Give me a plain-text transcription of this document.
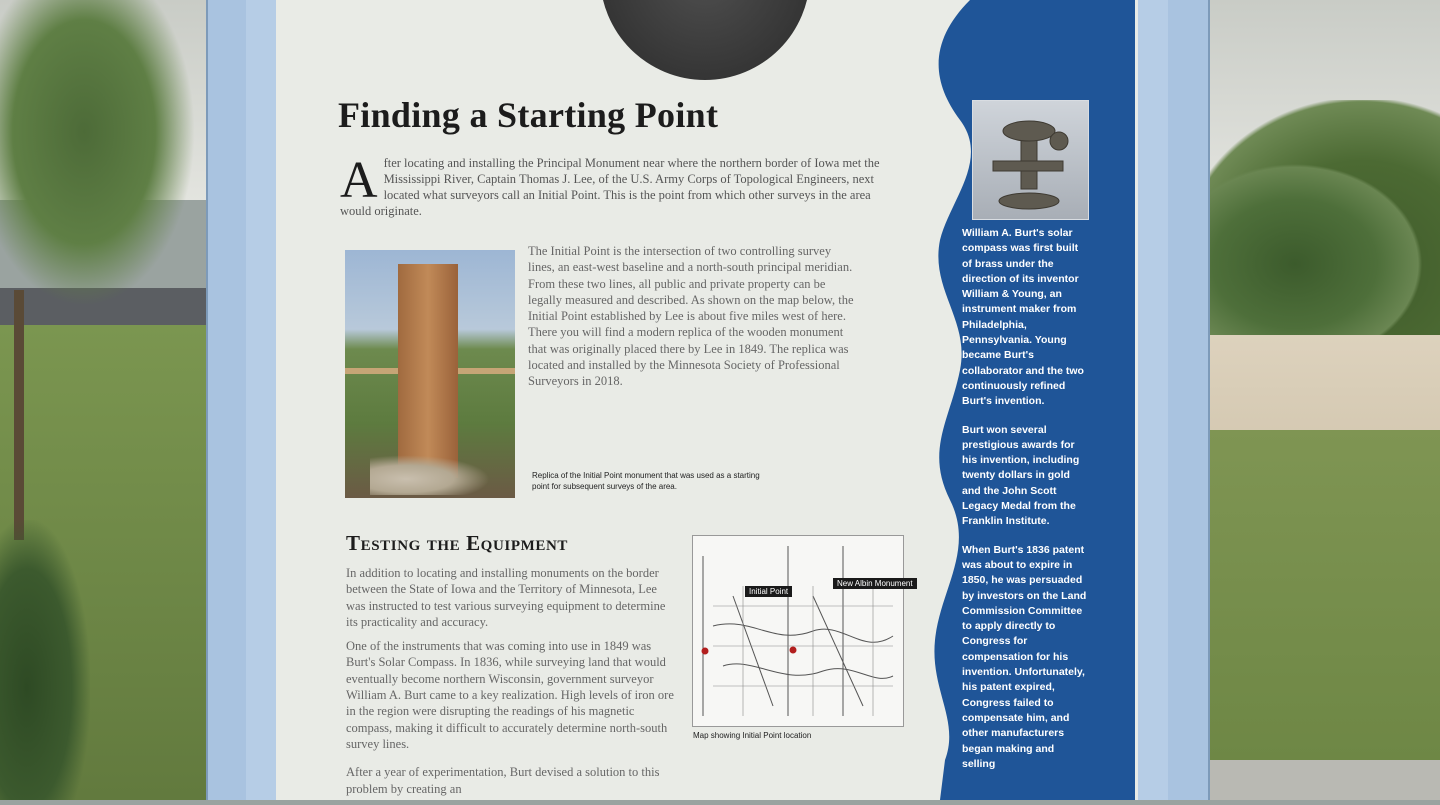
Finding a Starting Point
A fter locating and installing the Principal Monument near where the northern border of Iowa met the Mississippi River, Captain Thomas J. Lee, of the U.S. Army Corps of Topological Engineers, next located what surveyors call an Initial Point. This is the point from which other surveys in the area would originate.
Replica of the Initial Point monument that was used as a starting point for subsequent surveys of the area.
The Initial Point is the intersection of two controlling survey lines, an east-west baseline and a north-south principal meridian. From these two lines, all public and private property can be legally measured and described. As shown on the map below, the Initial Point established by Lee is about five miles west of here. There you will find a modern replica of the wooden monument that was originally placed there by Lee in 1849. The replica was located and installed by the Minnesota Society of Professional Surveyors in 2018.
Testing the Equipment

In addition to locating and installing monuments on the border between the State of Iowa and the Territory of Minnesota, Lee was instructed to test various surveying equipment to determine its practicality and accuracy.

One of the instruments that was coming into use in 1849 was Burt's Solar Compass. In 1836, while surveying land that would eventually become northern Wisconsin, government surveyor William A. Burt came to a key realization. High levels of iron ore in the region were disrupting the readings of his magnetic compass, making it difficult to accurately determine north-south survey lines.

After a year of experimentation, Burt devised a solution to this problem by creating an

Initial Point
New Albin Monument
Map showing Initial Point location

William A. Burt's solar compass was first built of brass under the direction of its inventor William & Young, an instrument maker from Philadelphia, Pennsylvania. Young became Burt's collaborator and the two continuously refined Burt's invention.

Burt won several prestigious awards for his invention, including twenty dollars in gold and the John Scott Legacy Medal from the Franklin Institute.

When Burt's 1836 patent was about to expire in 1850, he was persuaded by investors on the Land Commission Committee to apply directly to Congress for compensation for his invention. Unfortunately, his patent expired, Congress failed to compensate him, and other manufacturers began making and selling
